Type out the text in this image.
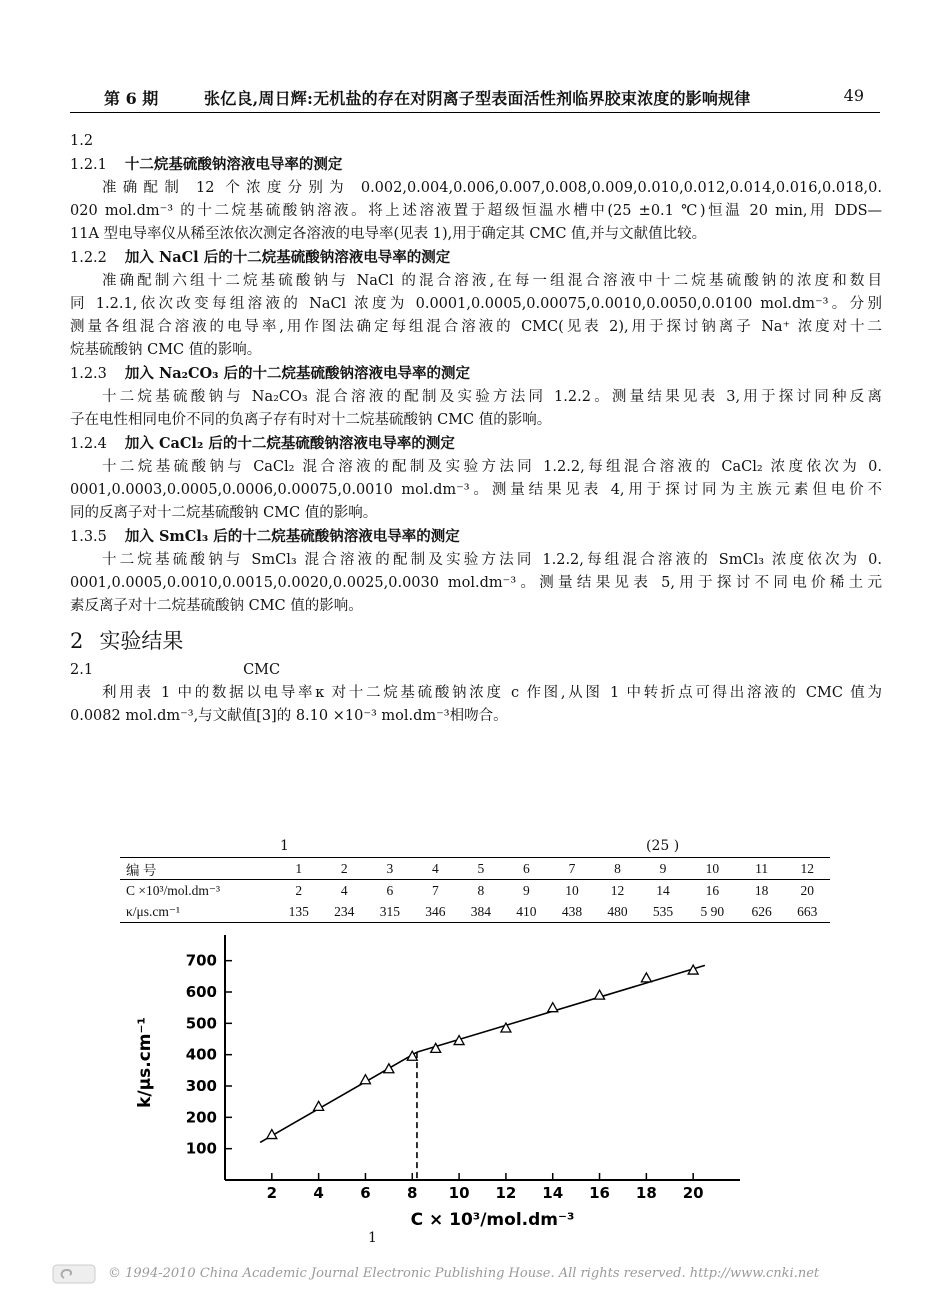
第 6 期	张亿良,周日辉:无机盐的存在对阴离子型表面活性剂临界胶束浓度的影响规律	49
1.2
1.2.1 十二烷基硫酸钠溶液电导率的测定
准确配制 12 个浓度分别为 0.002,0.004,0.006,0.007,0.008,0.009,0.010,0.012,0.014,0.016,0.018,0.
020 mol.dm⁻³ 的十二烷基硫酸钠溶液。将上述溶液置于超级恒温水槽中(25 ±0.1 ℃)恒温 20 min,用 DDS—
11A 型电导率仪从稀至浓依次测定各溶液的电导率(见表 1),用于确定其 CMC 值,并与文献值比较。
1.2.2 加入 NaCl 后的十二烷基硫酸钠溶液电导率的测定
准确配制六组十二烷基硫酸钠与 NaCl 的混合溶液,在每一组混合溶液中十二烷基硫酸钠的浓度和数目
同 1.2.1,依次改变每组溶液的 NaCl 浓度为 0.0001,0.0005,0.00075,0.0010,0.0050,0.0100 mol.dm⁻³。分别
测量各组混合溶液的电导率,用作图法确定每组混合溶液的 CMC(见表 2),用于探讨钠离子 Na⁺ 浓度对十二
烷基硫酸钠 CMC 值的影响。
1.2.3 加入 Na₂CO₃ 后的十二烷基硫酸钠溶液电导率的测定
十二烷基硫酸钠与 Na₂CO₃ 混合溶液的配制及实验方法同 1.2.2。测量结果见表 3,用于探讨同种反离
子在电性相同电价不同的负离子存有时对十二烷基硫酸钠 CMC 值的影响。
1.2.4 加入 CaCl₂ 后的十二烷基硫酸钠溶液电导率的测定
十二烷基硫酸钠与 CaCl₂ 混合溶液的配制及实验方法同 1.2.2,每组混合溶液的 CaCl₂ 浓度依次为 0.
0001,0.0003,0.0005,0.0006,0.00075,0.0010 mol.dm⁻³。测量结果见表 4,用于探讨同为主族元素但电价不
同的反离子对十二烷基硫酸钠 CMC 值的影响。
1.3.5 加入 SmCl₃ 后的十二烷基硫酸钠溶液电导率的测定
十二烷基硫酸钠与 SmCl₃ 混合溶液的配制及实验方法同 1.2.2,每组混合溶液的 SmCl₃ 浓度依次为 0.
0001,0.0005,0.0010,0.0015,0.0020,0.0025,0.0030 mol.dm⁻³。测量结果见表 5,用于探讨不同电价稀土元
素反离子对十二烷基硫酸钠 CMC 值的影响。
2 实验结果
2.1	CMC
利用表 1 中的数据以电导率κ 对十二烷基硫酸钠浓度 c 作图,从图 1 中转折点可得出溶液的 CMC 值为
0.0082 mol.dm⁻³,与文献值[3]的 8.10 ×10⁻³ mol.dm⁻³相吻合。
1	(25 )
编 号	1	2	3	4	5	6	7	8	9	10	11	12
C ×10³/mol.dm⁻³	2	4	6	7	8	9	10	12	14	16	18	20
κ/μs.cm⁻¹	135	234	315	346	384	410	438	480	535	5 90	626	663
100
200
300
400
500
600
700
2 4 6 8 10 12 14 16 18 20
C × 10³/mol.dm⁻³
k/μs.cm⁻¹
1
© 1994-2010 China Academic Journal Electronic Publishing House. All rights reserved. http://www.cnki.net
